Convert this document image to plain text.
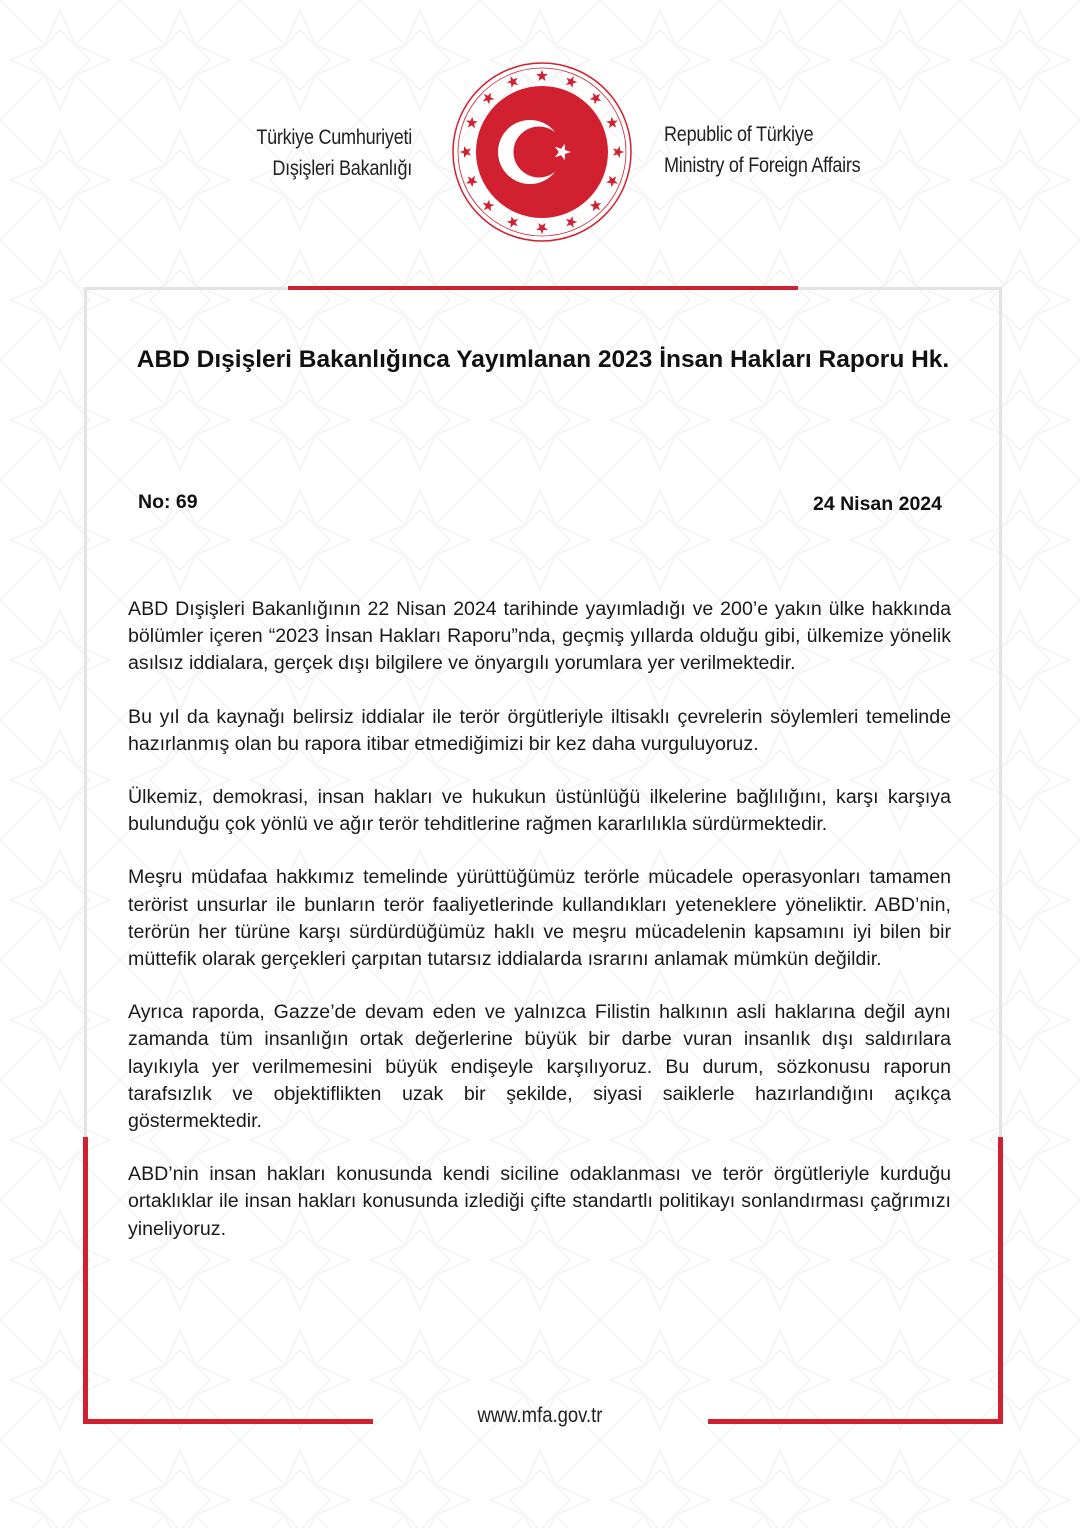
Türkiye Cumhuriyeti
Dışişleri Bakanlığı
Republic of Türkiye
Ministry of Foreign Affairs
ABD Dışişleri Bakanlığınca Yayımlanan 2023 İnsan Hakları Raporu Hk.
No: 69	24 Nisan 2024

ABD Dışişleri Bakanlığının 22 Nisan 2024 tarihinde yayımladığı ve 200’e yakın ülke hakkında bölümler içeren “2023 İnsan Hakları Raporu”nda, geçmiş yıllarda olduğu gibi, ülkemize yönelik asılsız iddialara, gerçek dışı bilgilere ve önyargılı yorumlara yer verilmektedir.

Bu yıl da kaynağı belirsiz iddialar ile terör örgütleriyle iltisaklı çevrelerin söylemleri temelinde hazırlanmış olan bu rapora itibar etmediğimizi bir kez daha vurguluyoruz.

Ülkemiz, demokrasi, insan hakları ve hukukun üstünlüğü ilkelerine bağlılığını, karşı karşıya bulunduğu çok yönlü ve ağır terör tehditlerine rağmen kararlılıkla sürdürmektedir.

Meşru müdafaa hakkımız temelinde yürüttüğümüz terörle mücadele operasyonları tamamen terörist unsurlar ile bunların terör faaliyetlerinde kullandıkları yeteneklere yöneliktir. ABD’nin, terörün her türüne karşı sürdürdüğümüz haklı ve meşru mücadelenin kapsamını iyi bilen bir müttefik olarak gerçekleri çarpıtan tutarsız iddialarda ısrarını anlamak mümkün değildir.

Ayrıca raporda, Gazze’de devam eden ve yalnızca Filistin halkının asli haklarına değil aynı zamanda tüm insanlığın ortak değerlerine büyük bir darbe vuran insanlık dışı saldırılara layıkıyla yer verilmemesini büyük endişeyle karşılıyoruz. Bu durum, sözkonusu raporun tarafsızlık ve objektiflikten uzak bir şekilde, siyasi saiklerle hazırlandığını açıkça göstermektedir.

ABD’nin insan hakları konusunda kendi siciline odaklanması ve terör örgütleriyle kurduğu ortaklıklar ile insan hakları konusunda izlediği çifte standartlı politikayı sonlandırması çağrımızı yineliyoruz.

www.mfa.gov.tr
